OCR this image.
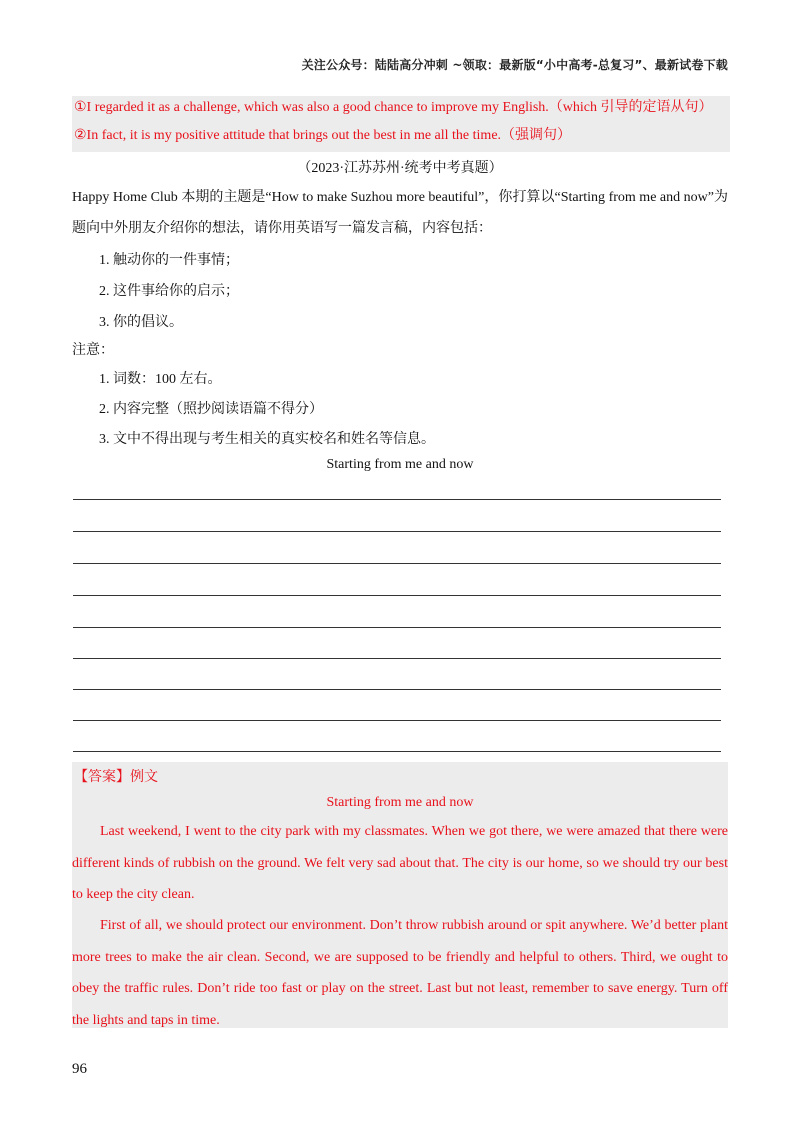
关注公众号：陆陆高分冲刺 ~领取：最新版“小中高考-总复习”、最新试卷下载
①I regarded it as a challenge, which was also a good chance to improve my English.（which 引导的定语从句）
②In fact, it is my positive attitude that brings out the best in me all the time.（强调句）
（2023·江苏苏州·统考中考真题）
Happy Home Club 本期的主题是“How to make Suzhou more beautiful”，你打算以“Starting from me and now”为题向中外朋友介绍你的想法，请你用英语写一篇发言稿，内容包括：
1. 触动你的一件事情；
2. 这件事给你的启示；
3. 你的倡议。
注意：
1. 词数：100 左右。
2. 内容完整（照抄阅读语篇不得分）
3. 文中不得出现与考生相关的真实校名和姓名等信息。
Starting from me and now
【答案】例文
Starting from me and now
Last weekend, I went to the city park with my classmates. When we got there, we were amazed that there were different kinds of rubbish on the ground. We felt very sad about that. The city is our home, so we should try our best to keep the city clean.
First of all, we should protect our environment. Don’t throw rubbish around or spit anywhere. We’d better plant more trees to make the air clean. Second, we are supposed to be friendly and helpful to others. Third, we ought to obey the traffic rules. Don’t ride too fast or play on the street. Last but not least, remember to save energy. Turn off the lights and taps in time.
96
